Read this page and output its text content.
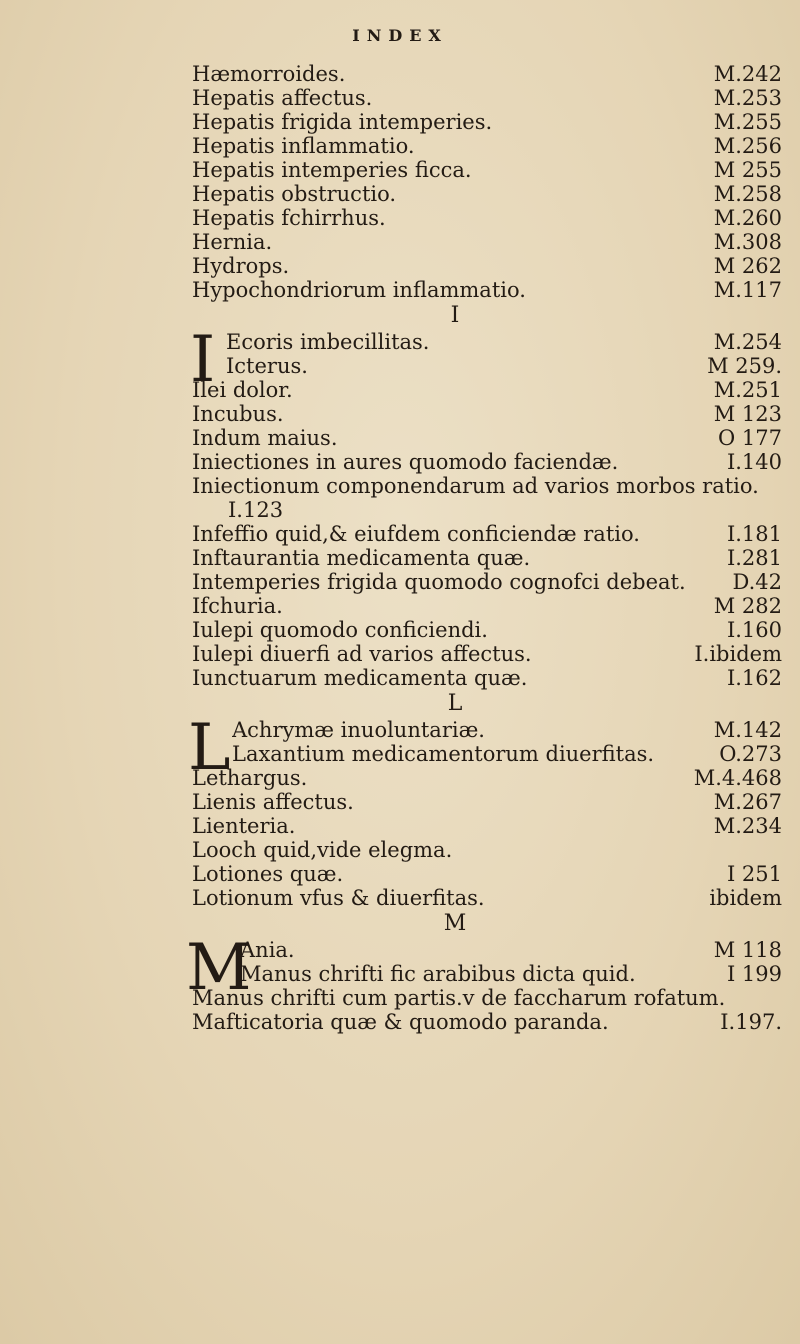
INDEX
Hæmorroides.	M.242
Hepatis affectus.	M.253
Hepatis frigida intemperies.	M.255
Hepatis inflammatio.	M.256
Hepatis intemperies ficca.	M 255
Hepatis obstructio.	M.258
Hepatis fchirrhus.	M.260
Hernia.	M.308
Hydrops.	M 262
Hypochondriorum inflammatio.	M.117
I
I Ecoris imbecillitas.	M.254
Icterus.	M 259.
Ilei dolor.	M.251
Incubus.	M 123
Indum maius.	O 177
Iniectiones in aures quomodo faciendæ.	I.140
Iniectionum componendarum ad varios morbos ratio.
I.123
Infeffio quid,& eiufdem conficiendæ ratio.	I.181
Inftaurantia medicamenta quæ.	I.281
Intemperies frigida quomodo cognofci debeat.	D.42
Ifchuria.	M 282
Iulepi quomodo conficiendi.	I.160
Iulepi diuerfi ad varios affectus.	I.ibidem
Iunctuarum medicamenta quæ.	I.162
L
L Achrymæ inuoluntariæ.	M.142
Laxantium medicamentorum diuerfitas.	O.273
Lethargus.	M.4.468
Lienis affectus.	M.267
Lienteria.	M.234
Looch quid,vide elegma.
Lotiones quæ.	I 251
Lotionum vfus & diuerfitas.	ibidem
M
M
Ania.	M 118
Manus chrifti fic arabibus dicta quid.	I 199
Manus chrifti cum partis.v de faccharum rofatum.
Mafticatoria quæ & quomodo paranda.	I.197.
